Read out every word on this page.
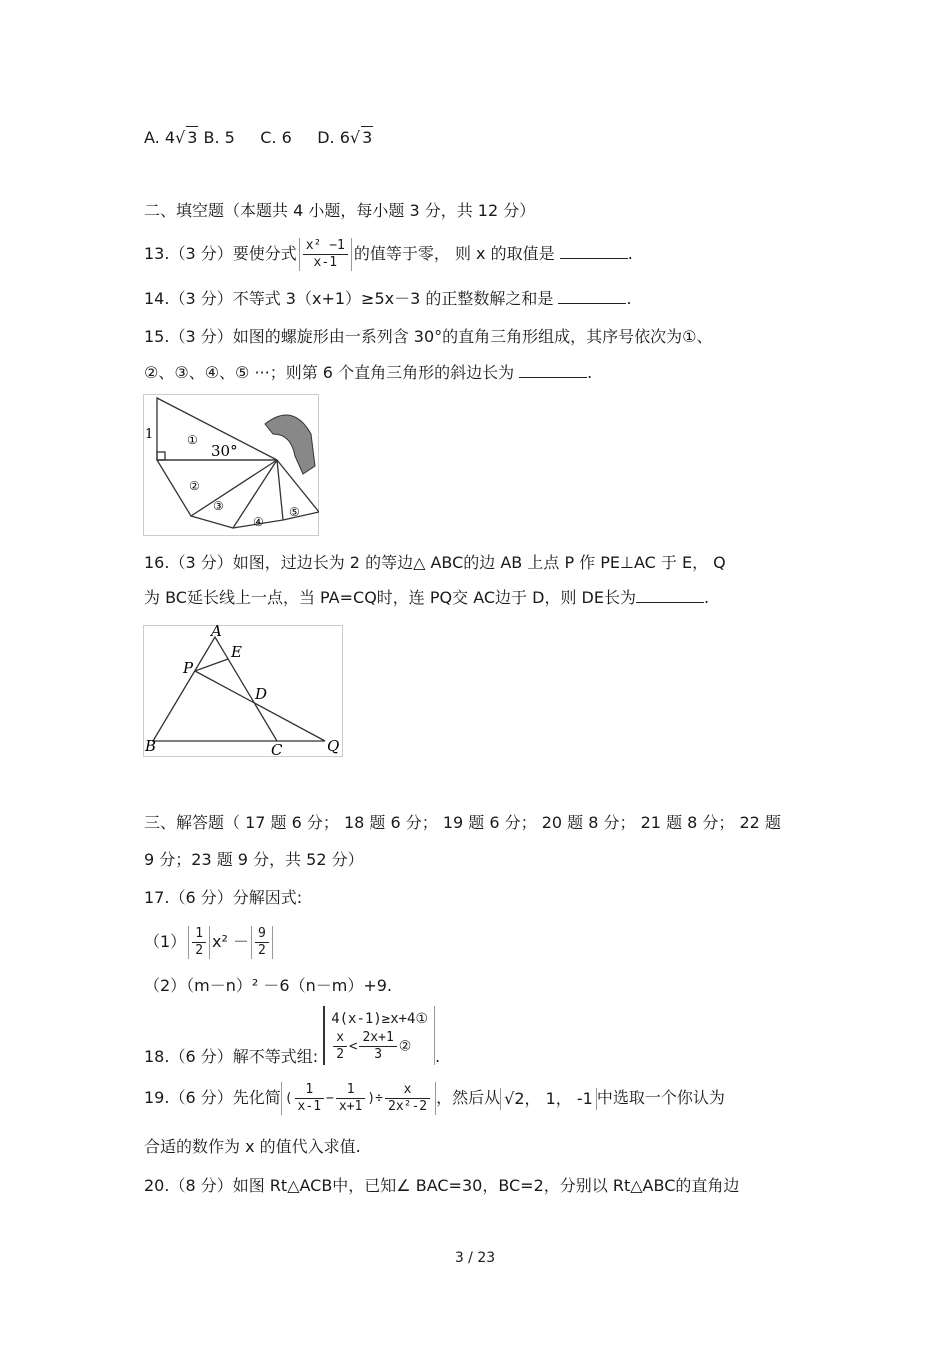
A. 4√ 3 B. 5 C. 6 D. 6√ 3
二、填空题（本题共 4 小题，每小题 3 分，共 12 分）
13.（3 分）要使分式 $\frac{\text{x² −1}}{x-1}$ 的值等于零， 则 x 的取值是	.
14.（3 分）不等式 3（x+1）≥5x－3 的正整数解之和是	.
15.（3 分）如图的螺旋形由一系列含 30°的直角三角形组成，其序号依次为①、
②、③、④、⑤ ···；则第 6 个直角三角形的斜边长为	.
1
30°
①
②
③
④
⑤
16.（3 分）如图，过边长为 2 的等边△ ABC的边 AB 上点 P 作 PE⊥AC 于 E， Q
为 BC延长线上一点，当 PA=CQ时，连 PQ交 AC边于 D，则 DE长为	.
A
E
P
D
B	C	Q
三、解答题（ 17 题 6 分； 18 题 6 分； 19 题 6 分； 20 题 8 分； 21 题 8 分； 22 题
9 分；23 题 9 分，共 52 分）
17.（6 分）分解因式:
$(1) \frac{1}{2} x^2 - \frac{9}{2}$
（2）（m－n）² －6（n－m）+9.
18.（6 分）解不等式组:
4(x-1)≥x+4①
$\frac{x}{2} < \frac{2x+1}{3}$ ②
.
19.（6 分）先化简 ( $\frac{1}{x-1} - \frac{1}{x+1}$ )÷ $\frac{x}{\text{2x²-2}}$ ，然后从 √2， 1， -1 中选取一个你认为
合适的数作为 x 的值代入求值.
20.（8 分）如图 Rt△ACB中，已知∠ BAC=30，BC=2，分别以 Rt△ABC的直角边
3 / 23
